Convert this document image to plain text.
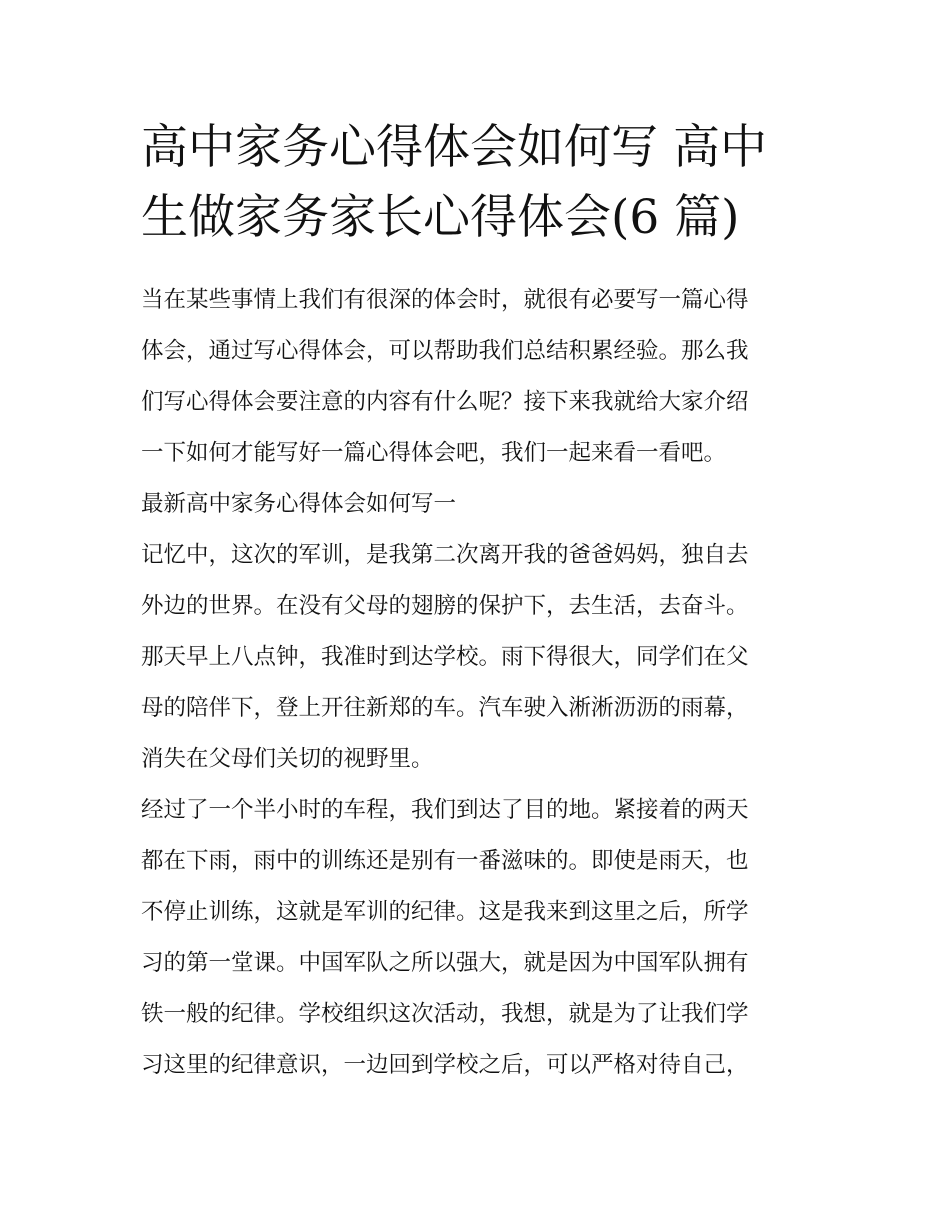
高中家务心得体会如何写 高中
生做家务家长心得体会(6 篇)

当在某些事情上我们有很深的体会时，就很有必要写一篇心得
体会，通过写心得体会，可以帮助我们总结积累经验。那么我
们写心得体会要注意的内容有什么呢？接下来我就给大家介绍
一下如何才能写好一篇心得体会吧，我们一起来看一看吧。

最新高中家务心得体会如何写一

记忆中，这次的军训，是我第二次离开我的爸爸妈妈，独自去
外边的世界。在没有父母的翅膀的保护下，去生活，去奋斗。
那天早上八点钟，我准时到达学校。雨下得很大，同学们在父
母的陪伴下，登上开往新郑的车。汽车驶入淅淅沥沥的雨幕，
消失在父母们关切的视野里。

经过了一个半小时的车程，我们到达了目的地。紧接着的两天
都在下雨，雨中的训练还是别有一番滋味的。即使是雨天，也
不停止训练，这就是军训的纪律。这是我来到这里之后，所学
习的第一堂课。中国军队之所以强大，就是因为中国军队拥有
铁一般的纪律。学校组织这次活动，我想，就是为了让我们学
习这里的纪律意识，一边回到学校之后，可以严格对待自己，
